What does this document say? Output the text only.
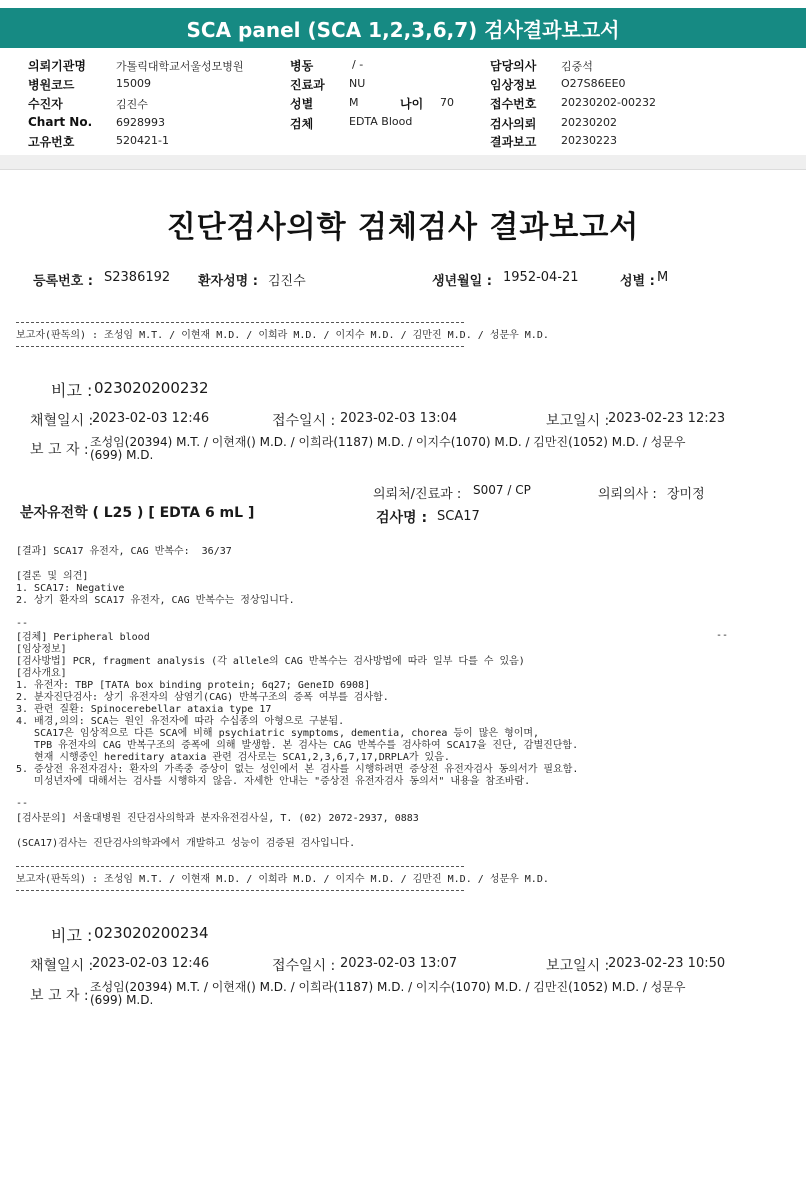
SCA panel (SCA 1,2,3,6,7) 검사결과보고서
의뢰기관명	가톨릭대학교서울성모병원
병원코드	15009
수진자	김진수
Chart No. 6928993
고유번호	520421-1
병동	/ -
진료과 NU
성별	M	나이 70
검체	EDTA Blood
담당의사 김중석
임상정보 O27S86EE0
접수번호 20230202-00232
검사의뢰 20230202
결과보고 20230223
진단검사의학 검체검사 결과보고서
등록번호 : S2386192 환자성명 : 김진수	생년월일 : 1952-04-21	성별 : M
보고자(판독의) : 조성임 M.T. / 이현재 M.D. / 이희라 M.D. / 이지수 M.D. / 김만진 M.D. / 성문우 M.D.
비고 : 023020200232
채혈일시 :
2023-02-03 12:46	접수일시 : 2023-02-03 13:04	보고일시 :
2023-02-23 12:23
보 고 자 : 조성임(20394) M.T. / 이현재() M.D. / 이희라(1187) M.D. / 이지수(1070) M.D. / 김만진(1052) M.D. / 성문우
(699) M.D.
의뢰처/진료과 : S007 / CP	의뢰의사 : 장미정
분자유전학 ( L25 ) [ EDTA 6 mL ]	검사명 : SCA17
[결과] SCA17 유전자, CAG 반복수:  36/37
[결론 및 의견]
1. SCA17: Negative
2. 상기 환자의 SCA17 유전자, CAG 반복수는 정상입니다.
--
--
[검체] Peripheral blood
[임상정보]
[검사방법] PCR, fragment analysis (각 allele의 CAG 반복수는 검사방법에 따라 일부 다를 수 있음)
[검사개요]
1. 유전자: TBP [TATA box binding protein; 6q27; GeneID 6908]
2. 분자진단검사: 상기 유전자의 삼염기(CAG) 반복구조의 증폭 여부를 검사함.
3. 관련 질환: Spinocerebellar ataxia type 17
4. 배경,의의: SCA는 원인 유전자에 따라 수십종의 아형으로 구분됨.
SCA17은 임상적으로 다른 SCA에 비해 psychiatric symptoms, dementia, chorea 등이 많은 형이며,
TPB 유전자의 CAG 반복구조의 증폭에 의해 발생함. 본 검사는 CAG 반복수를 검사하여 SCA17을 진단, 감별진단함.
현재 시행중인 hereditary ataxia 관련 검사로는 SCA1,2,3,6,7,17,DRPLA가 있음.
5. 증상전 유전자검사: 환자의 가족중 증상이 없는 성인에서 본 검사를 시행하려면 증상전 유전자검사 동의서가 필요함.
미성년자에 대해서는 검사를 시행하지 않음. 자세한 안내는 "증상전 유전자검사 동의서" 내용을 참조바람.
--
[검사문의] 서울대병원 진단검사의학과 분자유전검사실, T. (02) 2072-2937, 0883
(SCA17)검사는 진단검사의학과에서 개발하고 성능이 검증된 검사입니다.
보고자(판독의) : 조성임 M.T. / 이현재 M.D. / 이희라 M.D. / 이지수 M.D. / 김만진 M.D. / 성문우 M.D.
비고 : 023020200234
채혈일시 :
2023-02-03 12:46	접수일시 : 2023-02-03 13:07	보고일시 :
2023-02-23 10:50
보 고 자 :
조성임(20394) M.T. / 이현재() M.D. / 이희라(1187) M.D. / 이지수(1070) M.D. / 김만진(1052) M.D. / 성문우
(699) M.D.
